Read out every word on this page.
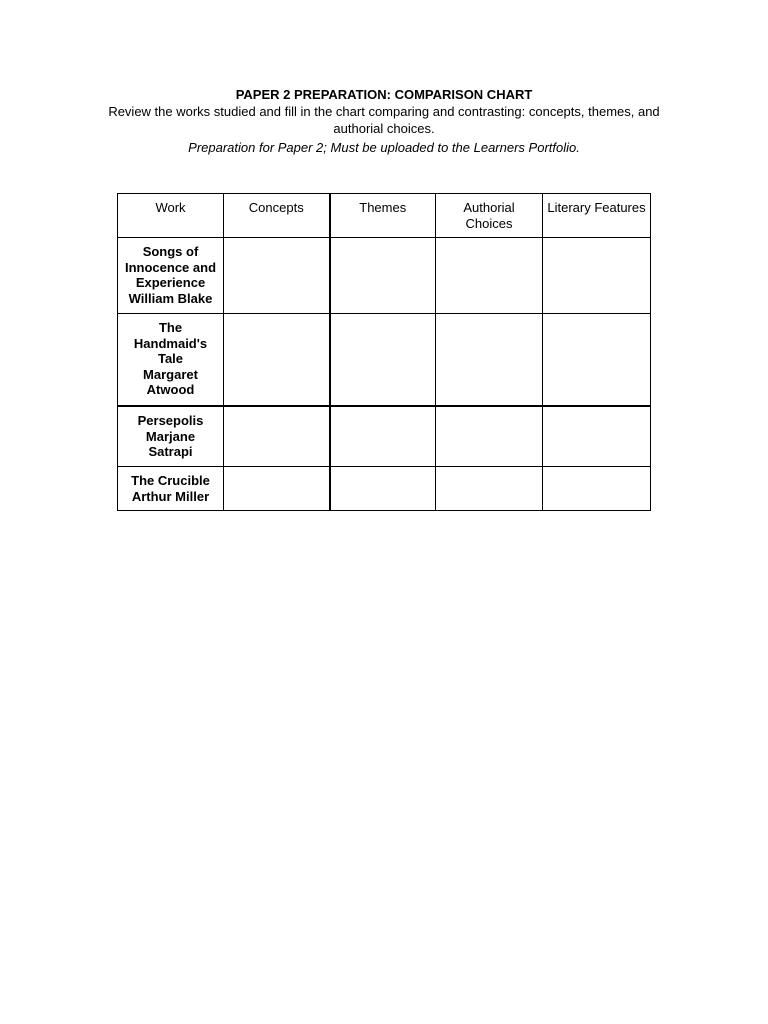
PAPER 2 PREPARATION: COMPARISON CHART

Review the works studied and fill in the chart comparing and contrasting: concepts, themes, and authorial choices.

Preparation for Paper 2; Must be uploaded to the Learners Portfolio.

Work	Concepts	Themes	Authorial Choices	Literary Features

Songs of
Innocence and
Experience
William Blake				

The
Handmaid's
Tale
Margaret
Atwood				

Persepolis
Marjane
Satrapi				

The Crucible
Arthur Miller				
